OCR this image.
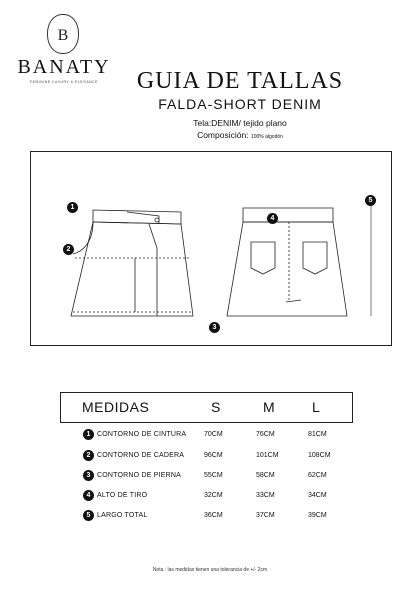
B
BANATY
FEMININE LUXURY & ELEGANCE	GUIA DE TALLAS
FALDA-SHORT DENIM
Tela:DENIM/ tejido plano
Composición: 100% algodón
1
2
3
4
5
MEDIDAS	S	M	L
1 CONTORNO DE CINTURA	70CM	76CM	81CM
2 CONTORNO DE CADERA	96CM	101CM	108CM
3 CONTORNO DE PIERNA	55CM	58CM	62CM
4 ALTO DE TIRO	32CM	33CM	34CM
5 LARGO TOTAL	36CM	37CM	39CM
Nota : las medidas tienen una tolerancia de +/- 2cm
